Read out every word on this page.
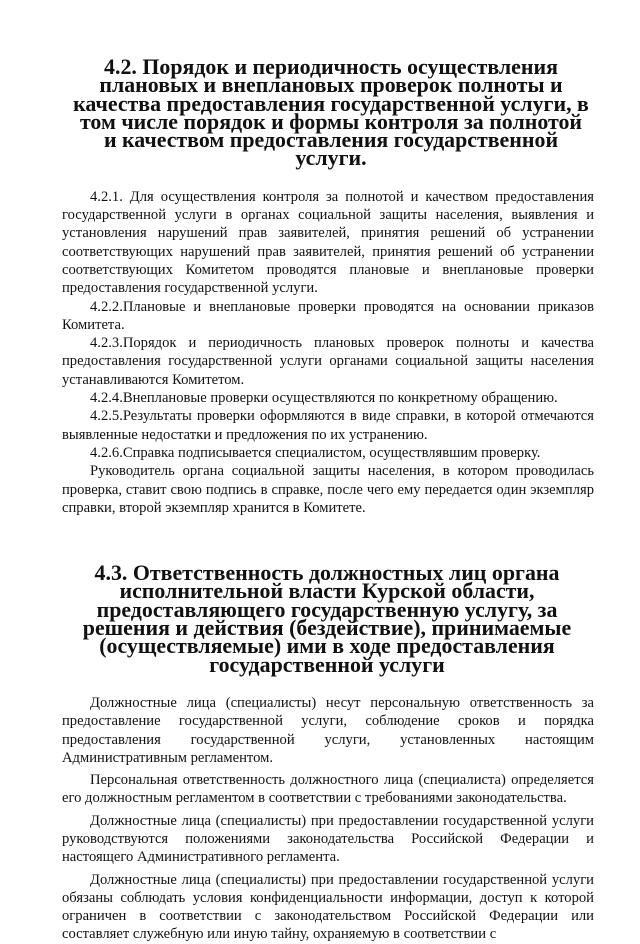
4.2. Порядок и периодичность осуществления плановых и внеплановых проверок полноты и качества предоставления государственной услуги, в том числе порядок и формы контроля за полнотой и качеством предоставления государственной услуги.

4.2.1. Для осуществления контроля за полнотой и качеством предоставления государственной услуги в органах социальной защиты населения, выявления и установления нарушений прав заявителей, принятия решений об устранении соответствующих нарушений прав заявителей, принятия решений об устранении соответствующих Комитетом проводятся плановые и внеплановые проверки предоставления государственной услуги.

4.2.2.Плановые и внеплановые проверки проводятся на основании приказов Комитета.

4.2.3.Порядок и периодичность плановых проверок полноты и качества предоставления государственной услуги органами социальной защиты населения устанавливаются Комитетом.

4.2.4.Внеплановые проверки осуществляются по конкретному обращению.

4.2.5.Результаты проверки оформляются в виде справки, в которой отмечаются выявленные недостатки и предложения по их устранению.

4.2.6.Справка подписывается специалистом, осуществлявшим проверку.

Руководитель органа социальной защиты населения, в котором проводилась проверка, ставит свою подпись в справке, после чего ему передается один экземпляр справки, второй экземпляр хранится в Комитете.

4.3. Ответственность должностных лиц органа исполнительной власти Курской области, предоставляющего государственную услугу, за решения и действия (бездействие), принимаемые (осуществляемые) ими в ходе предоставления государственной услуги

Должностные лица (специалисты) несут персональную ответственность за предоставление государственной услуги, соблюдение сроков и порядка предоставления государственной услуги, установленных настоящим Административным регламентом.

Персональная ответственность должностного лица (специалиста) определяется его должностным регламентом в соответствии с требованиями законодательства.

Должностные лица (специалисты) при предоставлении государственной услуги руководствуются положениями законодательства Российской Федерации и настоящего Административного регламента.

Должностные лица (специалисты) при предоставлении государственной услуги обязаны соблюдать условия конфиденциальности информации, доступ к которой ограничен в соответствии с законодательством Российской Федерации или составляет служебную или иную тайну, охраняемую в соответствии с
